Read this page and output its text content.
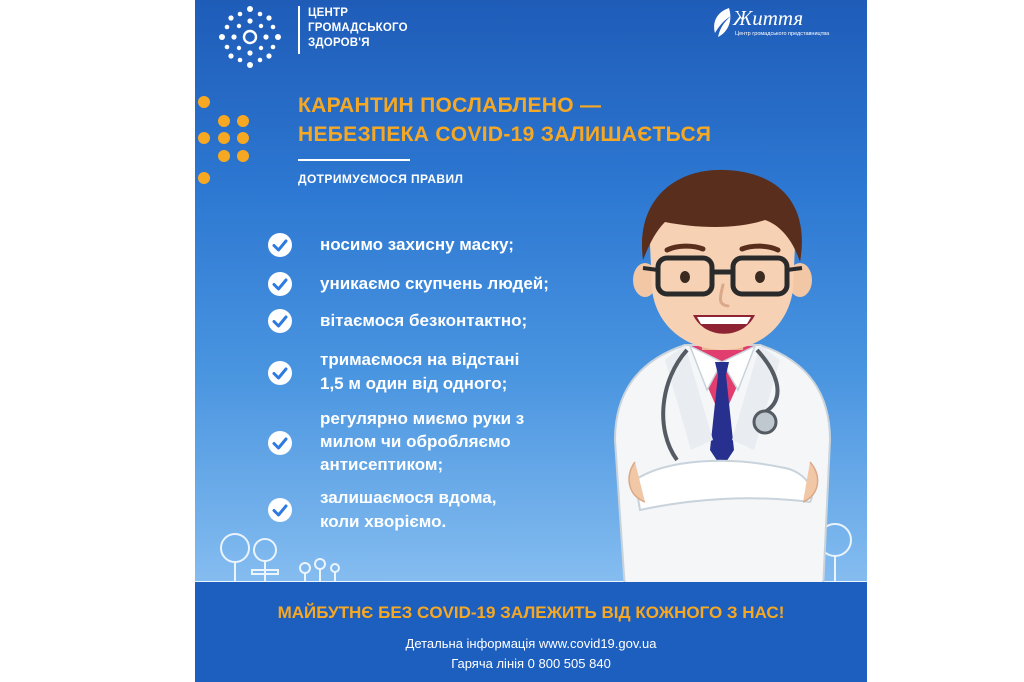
ЦЕНТР
ГРОМАДСЬКОГО
ЗДОРОВ'Я
Життя
Центр громадського представництва
КАРАНТИН ПОСЛАБЛЕНО —
НЕБЕЗПЕКА COVID-19 ЗАЛИШАЄТЬСЯ
ДОТРИМУЄМОСЯ ПРАВИЛ
носимо захисну маску;
уникаємо скупчень людей;
вітаємося безконтактно;
тримаємося на відстані
1,5 м один від одного;
регулярно миємо руки з
милом чи обробляємо
антисептиком;
залишаємося вдома,
коли хворіємо.
МАЙБУТНЄ БЕЗ COVID-19 ЗАЛЕЖИТЬ ВІД КОЖНОГО З НАС!
Детальна інформація www.covid19.gov.ua
Гаряча лінія 0 800 505 840
